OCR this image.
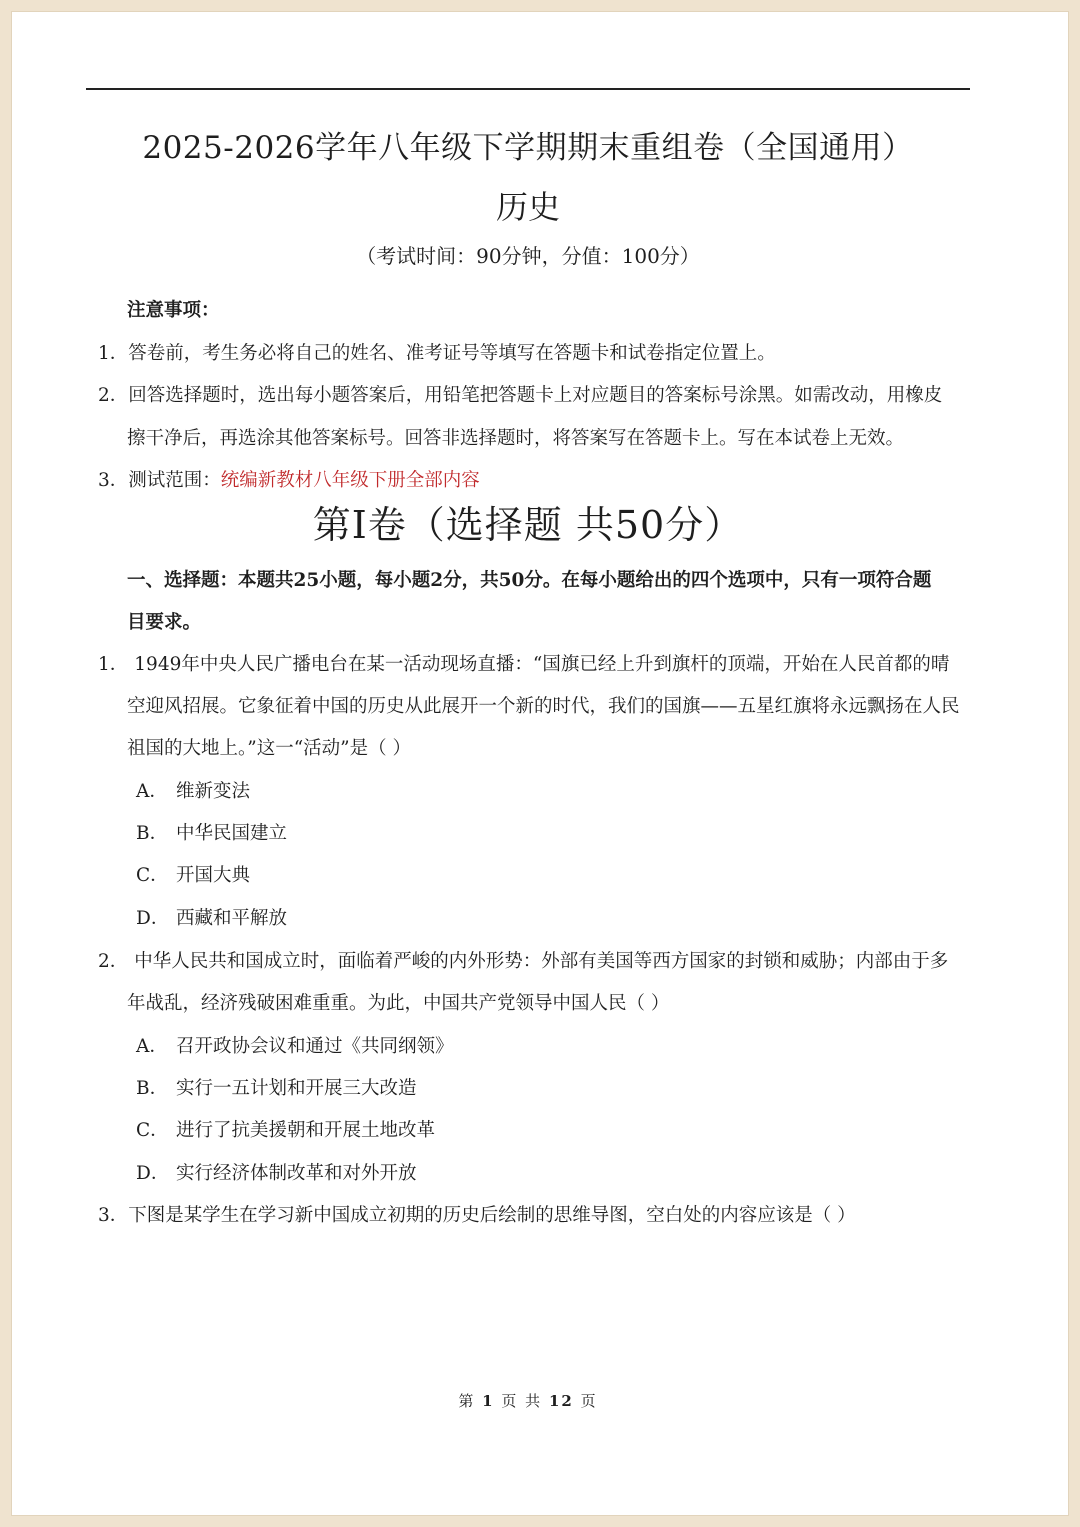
2025-2026学年八年级下学期期末重组卷（全国通用）
历史
（考试时间：90分钟，分值：100分）
注意事项：
1．答卷前，考生务必将自己的姓名、准考证号等填写在答题卡和试卷指定位置上。
2．回答选择题时，选出每小题答案后，用铅笔把答题卡上对应题目的答案标号涂黑。如需改动，用橡皮
擦干净后，再选涂其他答案标号。回答非选择题时，将答案写在答题卡上。写在本试卷上无效。
3．测试范围：统编新教材八年级下册全部内容
第Ⅰ卷（选择题 共50分）
一、选择题：本题共25小题，每小题2分，共50分。在每小题给出的四个选项中，只有一项符合题
目要求。
1． 1949年中央人民广播电台在某一活动现场直播：“国旗已经上升到旗杆的顶端，开始在人民首都的晴
空迎风招展。它象征着中国的历史从此展开一个新的时代，我们的国旗——五星红旗将永远飘扬在人民
祖国的大地上。”这一“活动”是（ ）
A． 维新变法
B． 中华民国建立
C． 开国大典
D． 西藏和平解放
2． 中华人民共和国成立时，面临着严峻的内外形势：外部有美国等西方国家的封锁和威胁；内部由于多
年战乱，经济残破困难重重。为此，中国共产党领导中国人民（ ）
A． 召开政协会议和通过《共同纲领》
B． 实行一五计划和开展三大改造
C． 进行了抗美援朝和开展土地改革
D． 实行经济体制改革和对外开放
3．下图是某学生在学习新中国成立初期的历史后绘制的思维导图，空白处的内容应该是（ ）
第 1 页 共 12 页
